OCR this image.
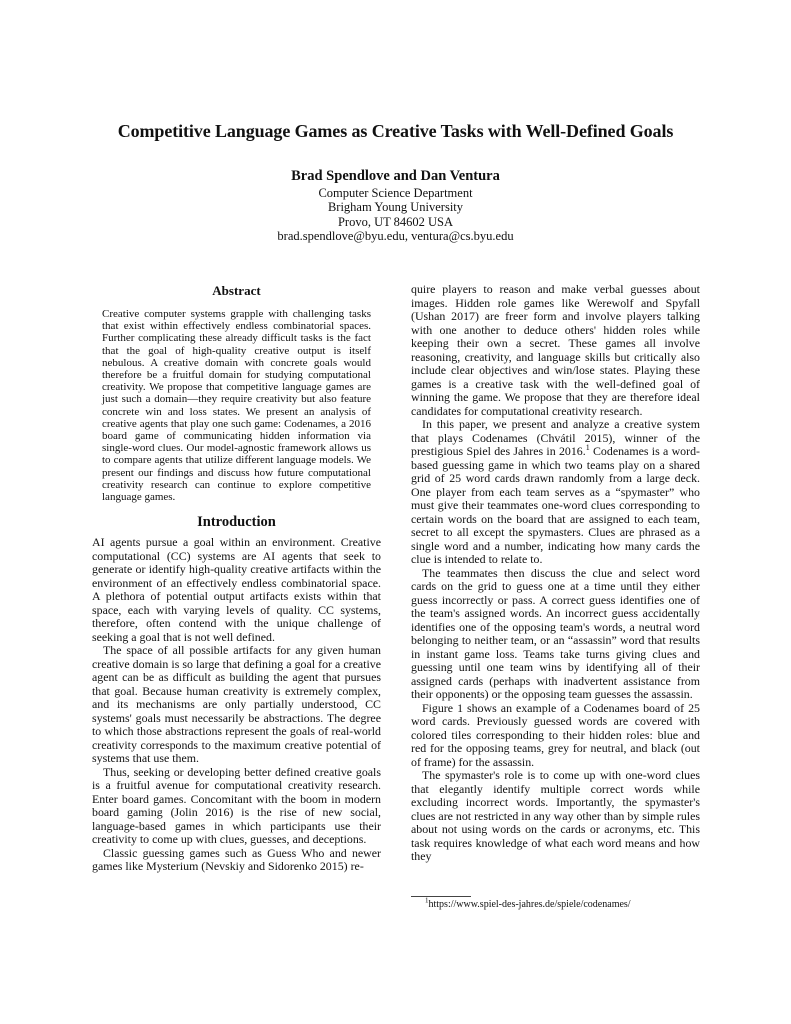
Competitive Language Games as Creative Tasks with Well-Defined Goals
Brad Spendlove and Dan Ventura
Computer Science Department
Brigham Young University
Provo, UT 84602 USA
brad.spendlove@byu.edu, ventura@cs.byu.edu
Abstract
Creative computer systems grapple with challenging tasks that exist within effectively endless combinatorial spaces. Further complicating these already difficult tasks is the fact that the goal of high-quality creative output is itself nebulous. A creative domain with concrete goals would therefore be a fruitful domain for studying computational creativity. We propose that competitive language games are just such a domain—they require creativity but also feature concrete win and loss states. We present an analysis of creative agents that play one such game: Codenames, a 2016 board game of communicating hidden information via single-word clues. Our model-agnostic framework allows us to compare agents that utilize different language models. We present our findings and discuss how future computational creativity research can continue to explore competitive language games.
Introduction

AI agents pursue a goal within an environment. Creative computational (CC) systems are AI agents that seek to generate or identify high-quality creative artifacts within the environment of an effectively endless combinatorial space. A plethora of potential output artifacts exists within that space, each with varying levels of quality. CC systems, therefore, often contend with the unique challenge of seeking a goal that is not well defined.

The space of all possible artifacts for any given human creative domain is so large that defining a goal for a creative agent can be as difficult as building the agent that pursues that goal. Because human creativity is extremely complex, and its mechanisms are only partially understood, CC systems' goals must necessarily be abstractions. The degree to which those abstractions represent the goals of real-world creativity corresponds to the maximum creative potential of systems that use them.

Thus, seeking or developing better defined creative goals is a fruitful avenue for computational creativity research. Enter board games. Concomitant with the boom in modern board gaming (Jolin 2016) is the rise of new social, language-based games in which participants use their creativity to come up with clues, guesses, and deceptions.

Classic guessing games such as Guess Who and newer games like Mysterium (Nevskiy and Sidorenko 2015) re-

quire players to reason and make verbal guesses about images. Hidden role games like Werewolf and Spyfall (Ushan 2017) are freer form and involve players talking with one another to deduce others' hidden roles while keeping their own a secret. These games all involve reasoning, creativity, and language skills but critically also include clear objectives and win/lose states. Playing these games is a creative task with the well-defined goal of winning the game. We propose that they are therefore ideal candidates for computational creativity research.

In this paper, we present and analyze a creative system that plays Codenames (Chvátil 2015), winner of the prestigious Spiel des Jahres in 2016.$^1$ Codenames is a word-based guessing game in which two teams play on a shared grid of 25 word cards drawn randomly from a large deck. One player from each team serves as a “spymaster” who must give their teammates one-word clues corresponding to certain words on the board that are assigned to each team, secret to all except the spymasters. Clues are phrased as a single word and a number, indicating how many cards the clue is intended to relate to.

The teammates then discuss the clue and select word cards on the grid to guess one at a time until they either guess incorrectly or pass. A correct guess identifies one of the team's assigned words. An incorrect guess accidentally identifies one of the opposing team's words, a neutral word belonging to neither team, or an “assassin” word that results in instant game loss. Teams take turns giving clues and guessing until one team wins by identifying all of their assigned cards (perhaps with inadvertent assistance from their opponents) or the opposing team guesses the assassin.

Figure 1 shows an example of a Codenames board of 25 word cards. Previously guessed words are covered with colored tiles corresponding to their hidden roles: blue and red for the opposing teams, grey for neutral, and black (out of frame) for the assassin.

The spymaster's role is to come up with one-word clues that elegantly identify multiple correct words while excluding incorrect words. Importantly, the spymaster's clues are not restricted in any way other than by simple rules about not using words on the cards or acronyms, etc. This task requires knowledge of what each word means and how they

$^1$https://www.spiel-des-jahres.de/spiele/codenames/
